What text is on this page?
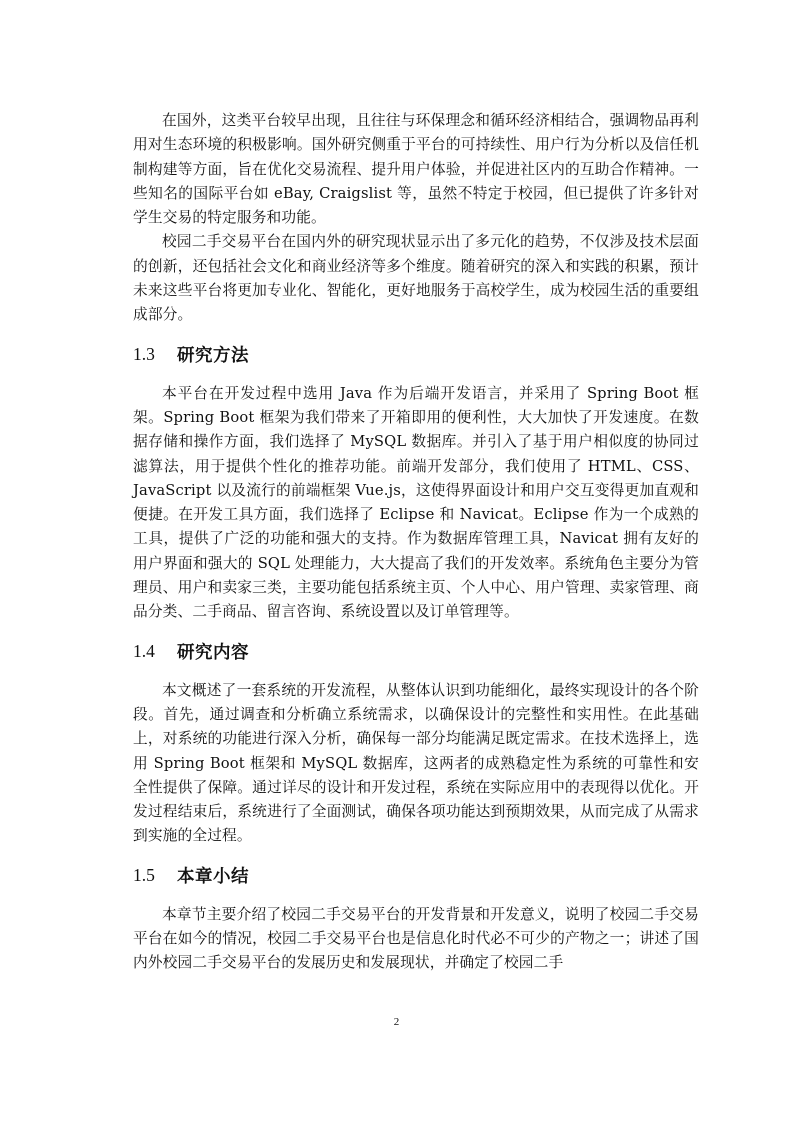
在国外，这类平台较早出现，且往往与环保理念和循环经济相结合，强调物品再利用对生态环境的积极影响。国外研究侧重于平台的可持续性、用户行为分析以及信任机制构建等方面，旨在优化交易流程、提升用户体验，并促进社区内的互助合作精神。一些知名的国际平台如 eBay, Craigslist 等，虽然不特定于校园，但已提供了许多针对学生交易的特定服务和功能。

校园二手交易平台在国内外的研究现状显示出了多元化的趋势，不仅涉及技术层面的创新，还包括社会文化和商业经济等多个维度。随着研究的深入和实践的积累，预计未来这些平台将更加专业化、智能化，更好地服务于高校学生，成为校园生活的重要组成部分。

1.3	研究方法

本平台在开发过程中选用 Java 作为后端开发语言，并采用了 Spring Boot 框架。Spring Boot 框架为我们带来了开箱即用的便利性，大大加快了开发速度。在数据存储和操作方面，我们选择了 MySQL 数据库。并引入了基于用户相似度的协同过滤算法，用于提供个性化的推荐功能。前端开发部分，我们使用了 HTML、CSS、JavaScript 以及流行的前端框架 Vue.js，这使得界面设计和用户交互变得更加直观和便捷。在开发工具方面，我们选择了 Eclipse 和 Navicat。Eclipse 作为一个成熟的工具，提供了广泛的功能和强大的支持。作为数据库管理工具，Navicat 拥有友好的用户界面和强大的 SQL 处理能力，大大提高了我们的开发效率。系统角色主要分为管理员、用户和卖家三类，主要功能包括系统主页、个人中心、用户管理、卖家管理、商品分类、二手商品、留言咨询、系统设置以及订单管理等。

1.4	研究内容

本文概述了一套系统的开发流程，从整体认识到功能细化，最终实现设计的各个阶段。首先，通过调查和分析确立系统需求，以确保设计的完整性和实用性。在此基础上，对系统的功能进行深入分析，确保每一部分均能满足既定需求。在技术选择上，选用 Spring Boot 框架和 MySQL 数据库，这两者的成熟稳定性为系统的可靠性和安全性提供了保障。通过详尽的设计和开发过程，系统在实际应用中的表现得以优化。开发过程结束后，系统进行了全面测试，确保各项功能达到预期效果，从而完成了从需求到实施的全过程。

1.5	本章小结

本章节主要介绍了校园二手交易平台的开发背景和开发意义，说明了校园二手交易平台在如今的情况，校园二手交易平台也是信息化时代必不可少的产物之一；讲述了国内外校园二手交易平台的发展历史和发展现状，并确定了校园二手

2
